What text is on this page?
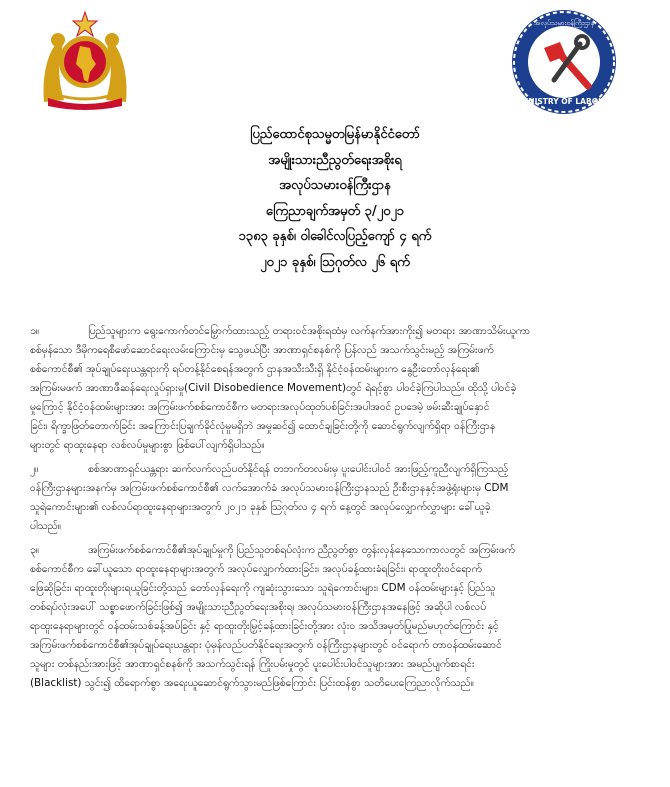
MINISTRY OF LABOUR
အလုပ်သမားဝန်ကြီးဌာန
ပြည်ထောင်စုသမ္မတမြန်မာနိုင်ငံတော်
အမျိုးသားညီညွတ်ရေးအစိုးရ
အလုပ်သမားဝန်ကြီးဌာန
ကြေညာချက်အမှတ် ၃/၂၀၂၁
၁၃၈၃ ခုနှစ်၊ ဝါခေါင်လပြည့်ကျော် ၄ ရက်
၂၀၂၁ ခုနှစ်၊ ဩဂုတ်လ ၂၆ ရက်
၁။	ပြည်သူများက ရွေးကောက်တင်မြှောက်ထားသည့် တရားဝင်အစိုးရထံမှ လက်နက်အားကိုး၍ မတရား အာဏာသိမ်းယူကာ
စစ်မှန်သော ဒီမိုကရေစီဖော်ဆောင်ရေးလမ်းကြောင်းမှ သွေဖယ်ပြီး အာဏာရှင်စနစ်ကို ပြန်လည် အသက်သွင်းမည့် အကြမ်းဖက်
စစ်ကောင်စီ၏ အုပ်ချုပ်ရေးယန္တရားကို ရပ်တန့်နိုင်စေရန်အတွက် ဌာနအသီးသီးရှိ နိုင်ငံ့ဝန်ထမ်းများက နွေဦးတော်လှန်ရေး၏
အကြမ်းမဖက် အာဏာဖီဆန်ရေးလှုပ်ရှားမှု(Civil Disobedience Movement)တွင် ရဲရင့်စွာ ပါဝင်ခဲ့ကြပါသည်။ ထိုသို့ ပါဝင်ခဲ့
မှုကြောင့် နိုင်ငံ့ဝန်ထမ်းများအား အကြမ်းဖက်စစ်ကောင်စီက မတရားအလုပ်ထုတ်ပစ်ခြင်းအပါအဝင် ဥပဒေမဲ့ ဖမ်းဆီးချုပ်နှောင်
ခြင်း၊ ရိက္ခာဖြတ်တောက်ခြင်း အကြောင်းပြချက်ခိုင်လုံမှုမရှိဘဲ အမှုဆင်၍ ထောင်ချခြင်းတို့ကို ဆောင်ရွက်လျက်ရှိရာ ဝန်ကြီးဌာန
များတွင် ရာထူးနေရာ လစ်လပ်မှုများစွာ ဖြစ်ပေါ်လျက်ရှိပါသည်။
၂။	စစ်အာဏာရှင်ယန္တရား ဆက်လက်လည်ပတ်နိုင်ရန် တဘက်တလမ်းမှ ပူးပေါင်းပါဝင် အားဖြည့်ကူညီလျက်ရှိကြသည့်
ဝန်ကြီးဌာနများအနက်မှ အကြမ်းဖက်စစ်ကောင်စီ၏ လက်အောက်ခံ အလုပ်သမားဝန်ကြီးဌာနသည် ဦးစီးဌာနနှင့်အဖွဲ့ရုံးများမှ CDM
သူရဲကောင်းများ၏ လစ်လပ်ရာထူးနေရာများအတွက် ၂၀၂၁ ခုနှစ် ဩဂုတ်လ ၄ ရက် နေ့တွင် အလုပ်လျှောက်လွှာများ ခေါ်ယူခဲ့
ပါသည်။
၃။	အကြမ်းဖက်စစ်ကောင်စီ၏အုပ်ချုပ်မှုကို ပြည်သူတစ်ရပ်လုံးက ညီညွတ်စွာ တွန်းလှန်နေသောကာလတွင် အကြမ်းဖက်
စစ်ကောင်စီက ခေါ်ယူသော ရာထူးနေရာများအတွက် အလုပ်လျှောက်ထားခြင်း၊ အလုပ်ခန့်ထားခံရခြင်း၊ ရာထူးတိုးဝင်ရောက်
ဖြေဆိုခြင်း၊ ရာထူးတိုးများရယူခြင်းတို့သည် တော်လှန်ရေးကို ကျဆုံးသွားသော သူရဲကောင်းများ၊ CDM ဝန်ထမ်းများနှင့် ပြည်သူ
တစ်ရပ်လုံးအပေါ် သစ္စာဖောက်ခြင်းဖြစ်၍ အမျိုးသားညီညွတ်ရေးအစိုးရ၊ အလုပ်သမားဝန်ကြီးဌာနအနေဖြင့် အဆိုပါ လစ်လပ်
ရာထူးနေရာများတွင် ဝန်ထမ်းသစ်ခန့်အပ်ခြင်း နှင့် ရာထူးတိုးမြှင့်ခန့်ထားခြင်းတို့အား လုံးဝ အသိအမှတ်ပြုမည်မဟုတ်ကြောင်း နှင့်
အကြမ်းဖက်စစ်ကောင်စီ၏အုပ်ချုပ်ရေးယန္တရား ပုံမှန်လည်ပတ်နိုင်ရေးအတွက် ဝန်ကြီးဌာနများတွင် ဝင်ရောက် တာဝန်ထမ်းဆောင်
သူများ တစ်နည်းအားဖြင့် အာဏာရှင်စနစ်ကို အသက်သွင်းရန် ကြိုးပမ်းမှုတွင် ပူးပေါင်းပါဝင်သူများအား အမည်ပျက်စာရင်း
(Blacklist) သွင်း၍ ထိရောက်စွာ အရေးယူဆောင်ရွက်သွားမည်ဖြစ်ကြောင်း ပြင်းထန်စွာ သတိပေးကြေညာလိုက်သည်။
